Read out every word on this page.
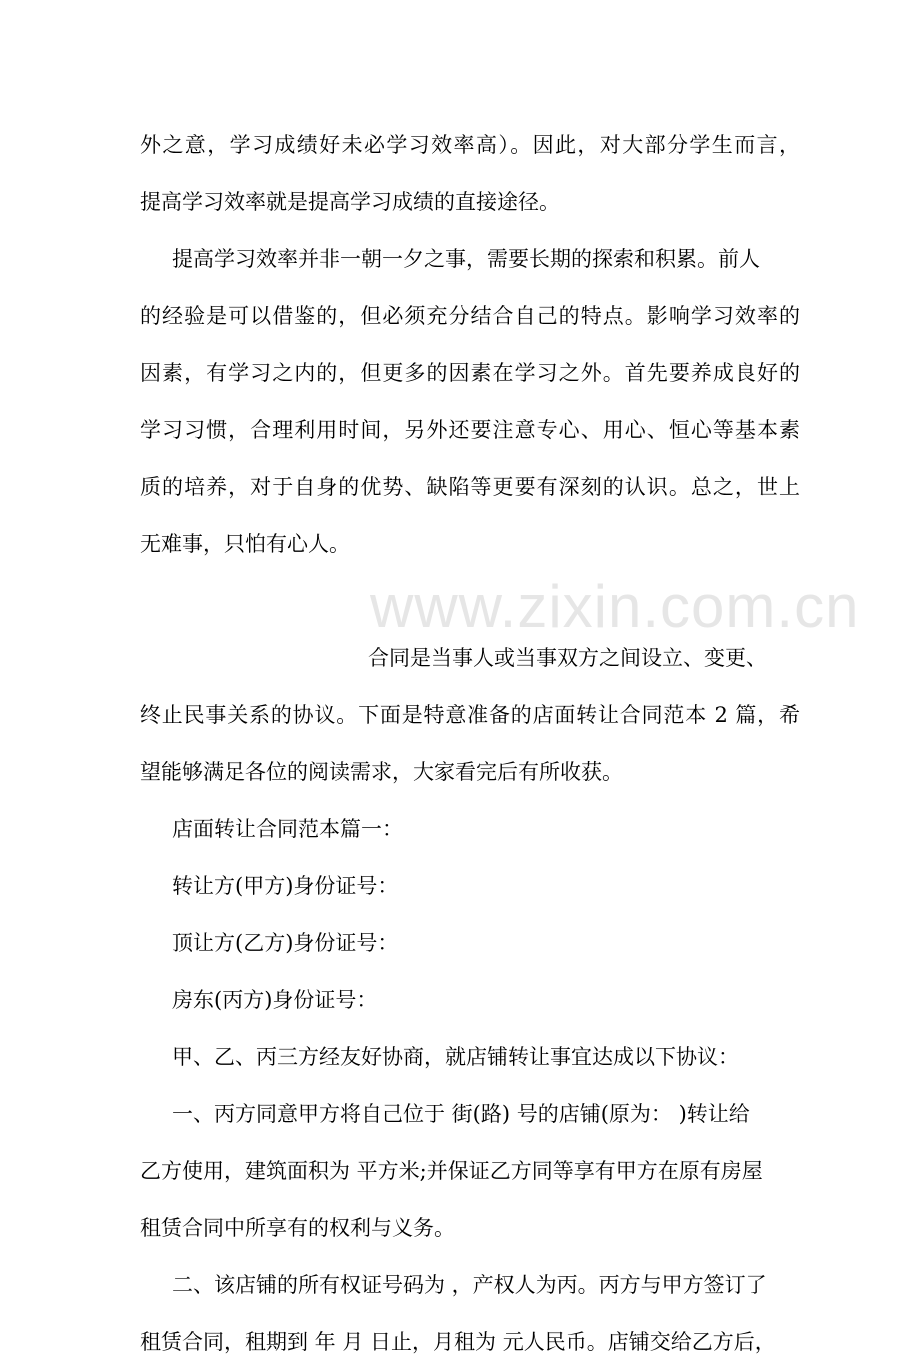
www.zixin.com.cn
外之意，学习成绩好未必学习效率高）。因此，对大部分学生而言，
提高学习效率就是提高学习成绩的直接途径。
提高学习效率并非一朝一夕之事，需要长期的探索和积累。前人
的经验是可以借鉴的，但必须充分结合自己的特点。影响学习效率的
因素，有学习之内的，但更多的因素在学习之外。首先要养成良好的
学习习惯，合理利用时间，另外还要注意专心、用心、恒心等基本素
质的培养，对于自身的优势、缺陷等更要有深刻的认识。总之，世上
无难事，只怕有心人。
合同是当事人或当事双方之间设立、变更、
终止民事关系的协议。下面是特意准备的店面转让合同范本 2 篇，希
望能够满足各位的阅读需求，大家看完后有所收获。
店面转让合同范本篇一：
转让方(甲方)身份证号：
顶让方(乙方)身份证号：
房东(丙方)身份证号：
甲、乙、丙三方经友好协商，就店铺转让事宜达成以下协议：
一、丙方同意甲方将自己位于 街(路) 号的店铺(原为： )转让给
乙方使用，建筑面积为 平方米;并保证乙方同等享有甲方在原有房屋
租赁合同中所享有的权利与义务。
二、该店铺的所有权证号码为 ，产权人为丙。丙方与甲方签订了
租赁合同，租期到 年 月 日止，月租为 元人民币。店铺交给乙方后，
